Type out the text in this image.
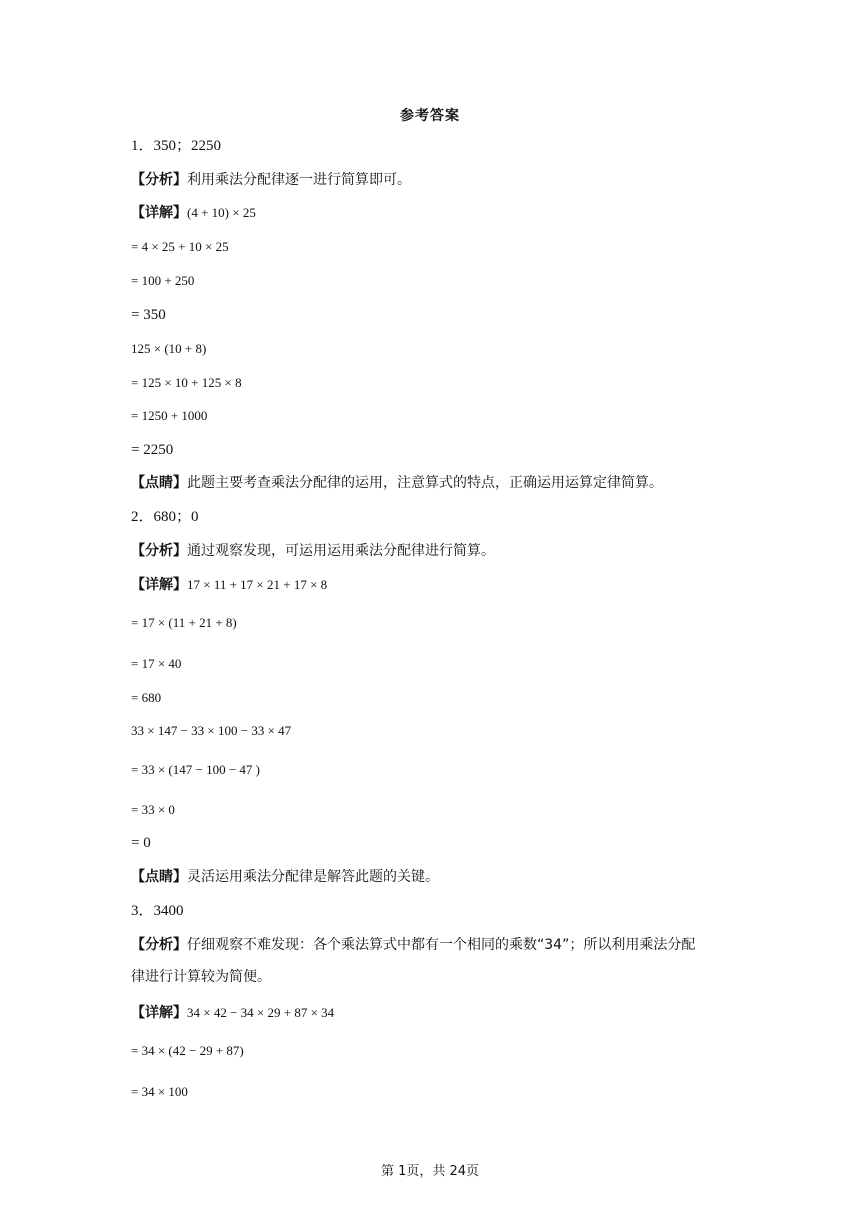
参考答案
1．350；2250
【分析】利用乘法分配律逐一进行简算即可。
【详解】(4 + 10) × 25
= 4 × 25 + 10 × 25
= 100 + 250
= 350
125 × (10 + 8)
= 125 × 10 + 125 × 8
= 1250 + 1000
= 2250
【点睛】此题主要考查乘法分配律的运用，注意算式的特点，正确运用运算定律简算。
2．680；0
【分析】通过观察发现，可运用运用乘法分配律进行简算。
【详解】17 × 11 + 17 × 21 + 17 × 8
= 17 × (11 + 21 + 8)
= 17 × 40
= 680
33 × 147 − 33 × 100 − 33 × 47
= 33 × (147 − 100 − 47 )
= 33 × 0
= 0
【点睛】灵活运用乘法分配律是解答此题的关键。
3．3400
【分析】仔细观察不难发现：各个乘法算式中都有一个相同的乘数“34”；所以利用乘法分配
律进行计算较为简便。
【详解】34 × 42 − 34 × 29 + 87 × 34
= 34 × (42 − 29 + 87)
= 34 × 100
第 1页，共 24页
